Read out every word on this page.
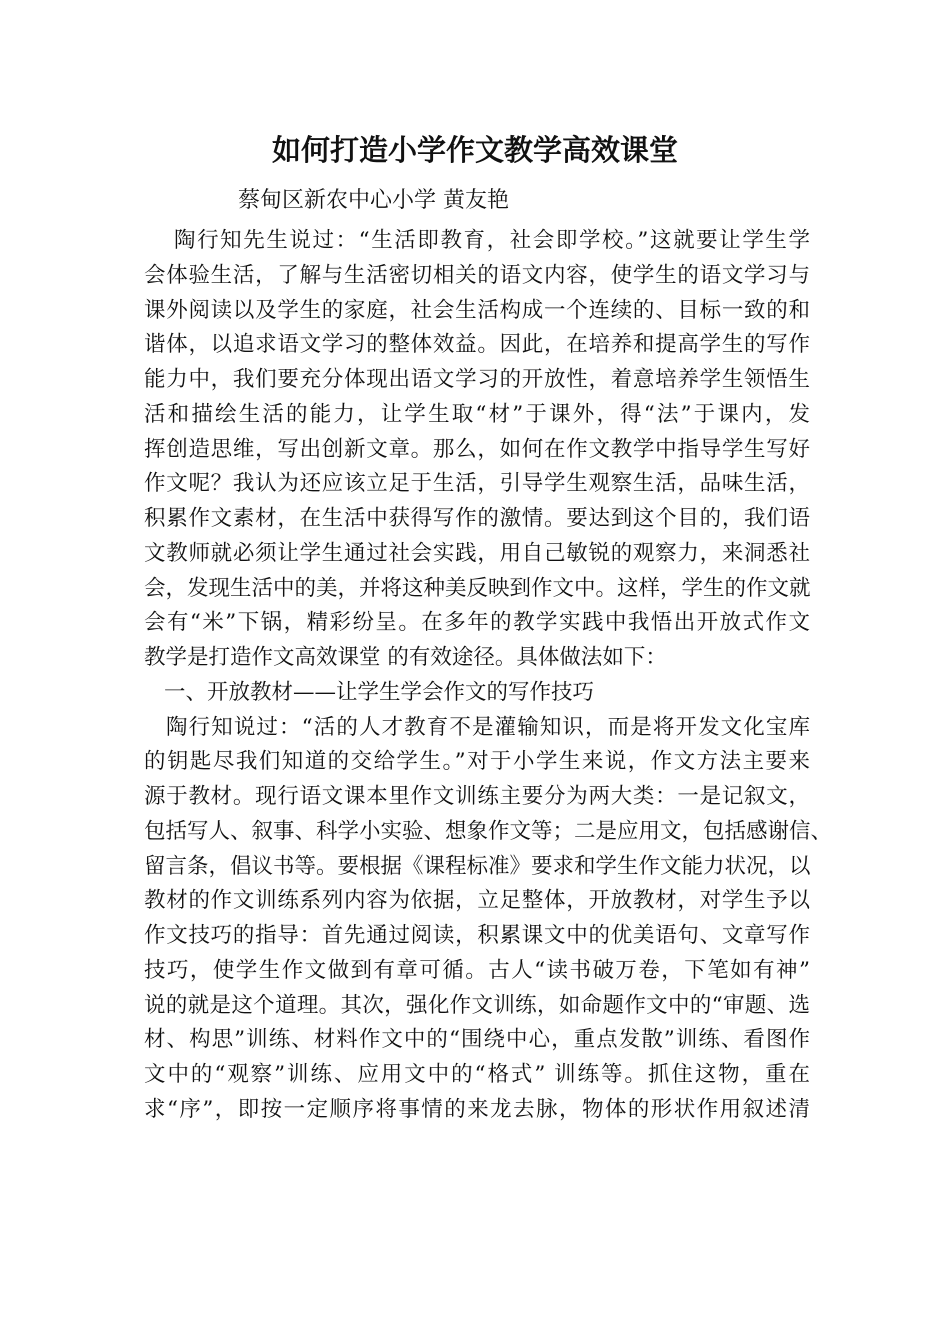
如何打造小学作文教学高效课堂
蔡甸区新农中心小学 黄友艳
陶行知先生说过：“生活即教育，社会即学校。”这就要让学生学
会体验生活，了解与生活密切相关的语文内容，使学生的语文学习与
课外阅读以及学生的家庭，社会生活构成一个连续的、目标一致的和
谐体，以追求语文学习的整体效益。因此，在培养和提高学生的写作
能力中，我们要充分体现出语文学习的开放性，着意培养学生领悟生
活和描绘生活的能力，让学生取“材”于课外，得“法”于课内，发
挥创造思维，写出创新文章。那么，如何在作文教学中指导学生写好
作文呢？我认为还应该立足于生活，引导学生观察生活，品味生活，
积累作文素材，在生活中获得写作的激情。要达到这个目的，我们语
文教师就必须让学生通过社会实践，用自己敏锐的观察力，来洞悉社
会，发现生活中的美，并将这种美反映到作文中。这样，学生的作文就
会有“米”下锅，精彩纷呈。在多年的教学实践中我悟出开放式作文
教学是打造作文高效课堂 的有效途径。具体做法如下：
一、开放教材——让学生学会作文的写作技巧
陶行知说过：“活的人才教育不是灌输知识，而是将开发文化宝库
的钥匙尽我们知道的交给学生。”对于小学生来说，作文方法主要来
源于教材。现行语文课本里作文训练主要分为两大类：一是记叙文，
包括写人、叙事、科学小实验、想象作文等；二是应用文，包括感谢信、
留言条，倡议书等。要根据《课程标准》要求和学生作文能力状况，以
教材的作文训练系列内容为依据，立足整体，开放教材，对学生予以
作文技巧的指导：首先通过阅读，积累课文中的优美语句、文章写作
技巧，使学生作文做到有章可循。古人“读书破万卷，下笔如有神”
说的就是这个道理。其次，强化作文训练，如命题作文中的“审题、选
材、构思”训练、材料作文中的“围绕中心，重点发散”训练、看图作
文中的“观察”训练、应用文中的“格式” 训练等。抓住这物，重在
求“序”，即按一定顺序将事情的来龙去脉，物体的形状作用叙述清
